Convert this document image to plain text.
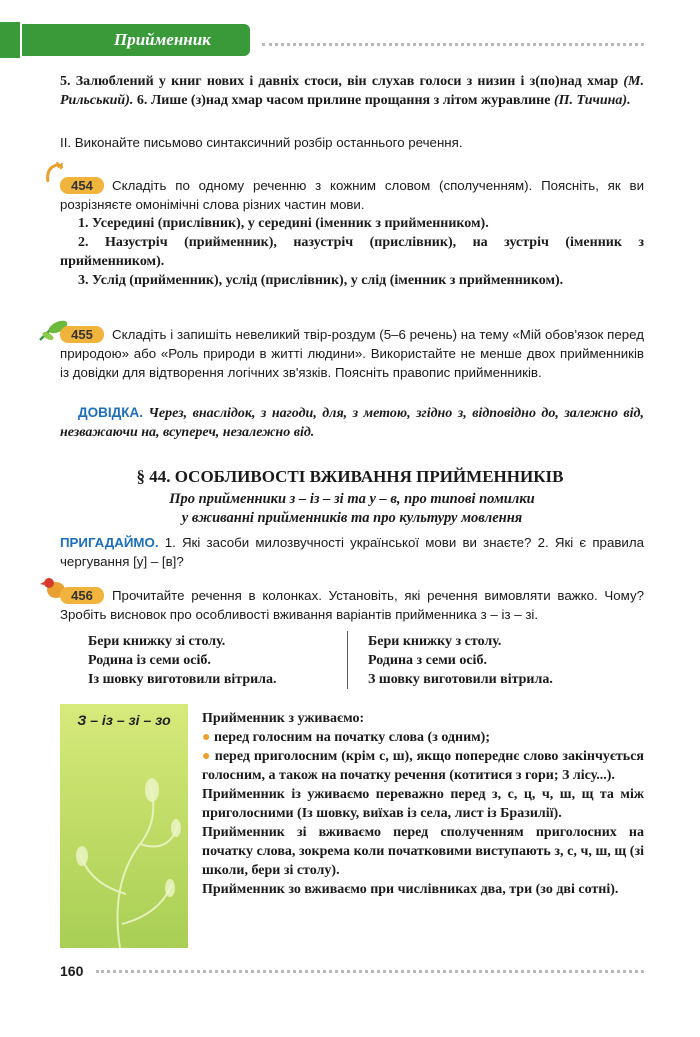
Прийменник
5. Залюблений у книг нових і давніх стоси, він слухав голоси з низин і з(по)над хмар (М. Рильський). 6. Лише (з)над хмар часом прилине прощання з літом журавлине (П. Тичина).
II. Виконайте письмово синтаксичний розбір останнього речення.
454 Складіть по одному реченню з кожним словом (сполученням). Поясніть, як ви розрізняєте омонімічні слова різних частин мови.
1. Усередині (прислівник), у середині (іменник з прийменником).
2. Назустріч (прийменник), назустріч (прислівник), на зустріч (іменник з прийменником).
3. Услід (прийменник), услід (прислівник), у слід (іменник з прийменником).
455 Складіть і запишіть невеликий твір-роздум (5–6 речень) на тему «Мій обов'язок перед природою» або «Роль природи в житті людини». Використайте не менше двох прийменників із довідки для відтворення логічних зв'язків. Поясніть правопис прийменників.
ДОВІДКА. Через, внаслідок, з нагоди, для, з метою, згідно з, відповідно до, залежно від, незважаючи на, всупереч, незалежно від.
§ 44. ОСОБЛИВОСТІ ВЖИВАННЯ ПРИЙМЕННИКІВ
Про прийменники з – із – зі та у – в, про типові помилки
у вживанні прийменників та про культуру мовлення
ПРИГАДАЙМО. 1. Які засоби милозвучності української мови ви знаєте? 2. Які є правила чергування [у] – [в]?
456 Прочитайте речення в колонках. Установіть, які речення вимовляти важко. Чому? Зробіть висновок про особливості вживання варіантів прийменника з – із – зі.
Бери книжку зі столу.
Родина із семи осіб.
Із шовку виготовили вітрила.
Бери книжку з столу.
Родина з семи осіб.
З шовку виготовили вітрила.
З – із – зі – зо	Прийменник з уживаємо:
● перед голосним на початку слова (з одним);
● перед приголосним (крім с, ш), якщо попереднє слово закінчується голосним, а також на початку речення (котитися з гори; З лісу...).
Прийменник із уживаємо переважно перед з, с, ц, ч, ш, щ та між приголосними (Із шовку, виїхав із села, лист із Бразилії).
Прийменник зі вживаємо перед сполученням приголосних на початку слова, зокрема коли початковими виступають з, с, ч, ш, щ (зі школи, бери зі столу).
Прийменник зо вживаємо при числівниках два, три (зо дві сотні).
160
